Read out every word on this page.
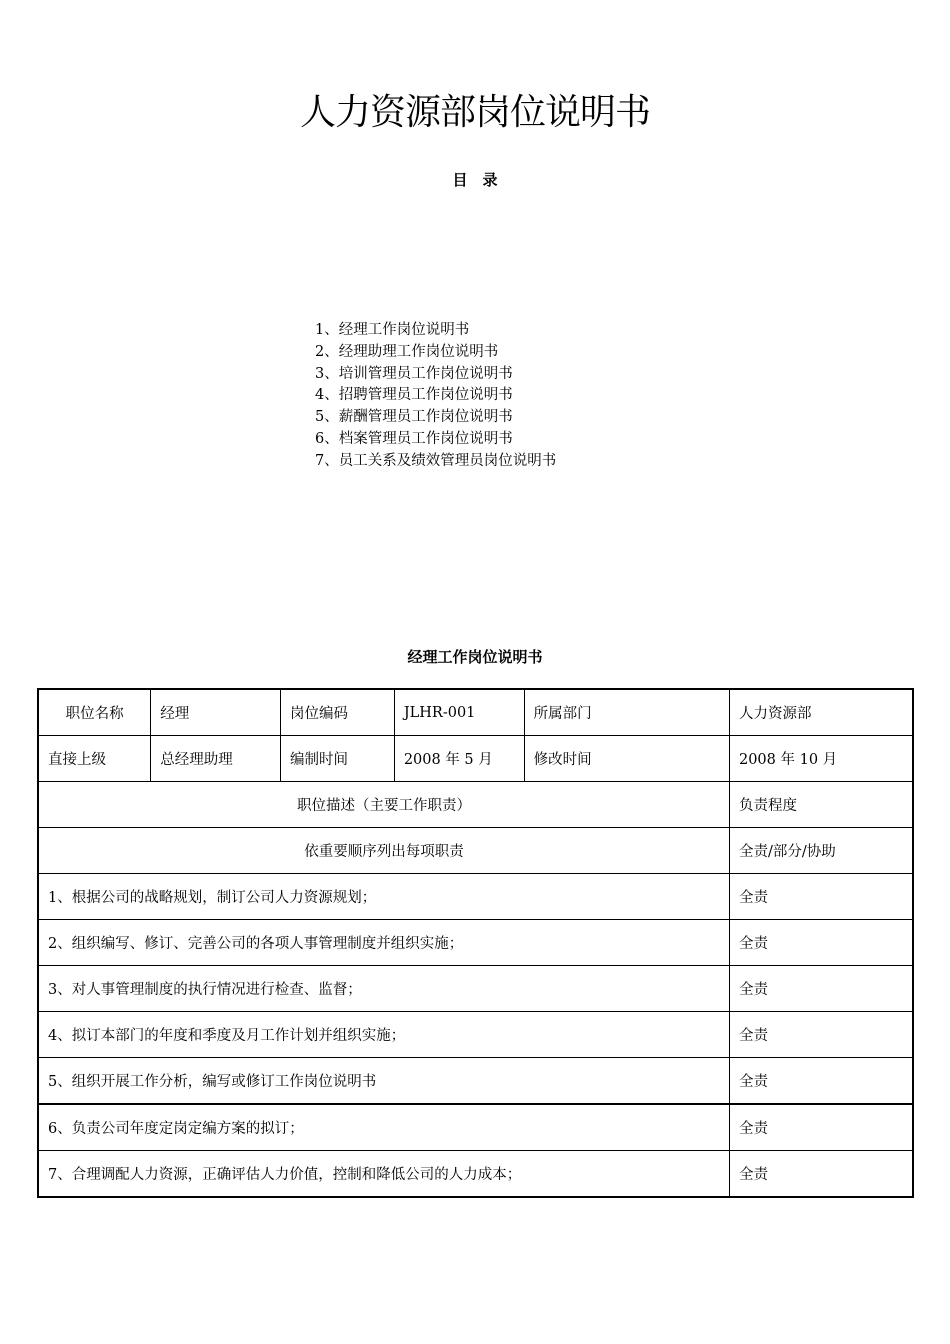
人力资源部岗位说明书
目　录
1、经理工作岗位说明书
2、经理助理工作岗位说明书
3、培训管理员工作岗位说明书
4、招聘管理员工作岗位说明书
5、薪酬管理员工作岗位说明书
6、档案管理员工作岗位说明书
7、员工关系及绩效管理员岗位说明书
经理工作岗位说明书
职位名称	经理	岗位编码	JLHR-001	所属部门	人力资源部
直接上级	总经理助理	编制时间	2008 年 5 月	修改时间	2008 年 10 月
职位描述（主要工作职责）					负责程度
依重要顺序列出每项职责					全责/部分/协助
1、根据公司的战略规划，制订公司人力资源规划；					全责
2、组织编写、修订、完善公司的各项人事管理制度并组织实施；					全责
3、对人事管理制度的执行情况进行检查、监督；					全责
4、拟订本部门的年度和季度及月工作计划并组织实施；					全责
5、组织开展工作分析，编写或修订工作岗位说明书					全责
6、负责公司年度定岗定编方案的拟订；					全责
7、合理调配人力资源，正确评估人力价值，控制和降低公司的人力成本；					全责
